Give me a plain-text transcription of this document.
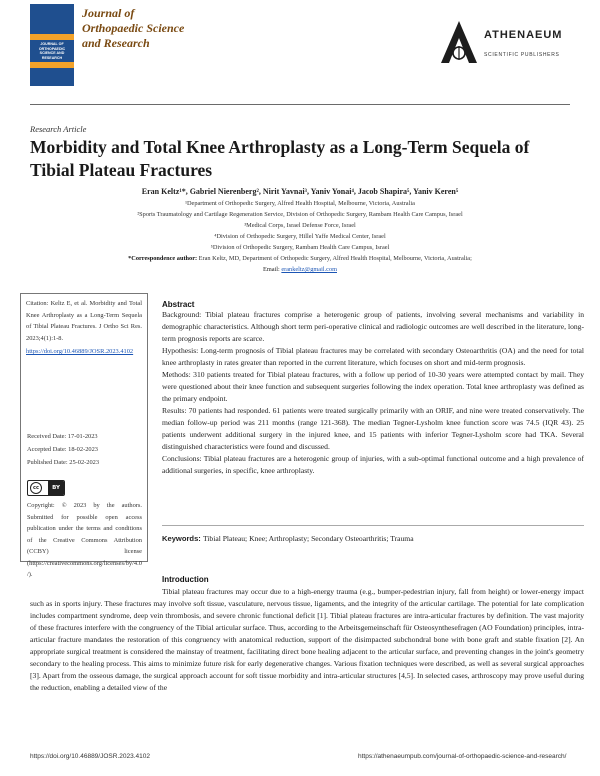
JOURNAL OF ORTHOPAEDIC SCIENCE AND RESEARCH
Journal of
Orthopaedic Science
and Research
ATHENAEUM
SCIENTIFIC PUBLISHERS
Research Article
Morbidity and Total Knee Arthroplasty as a Long-Term Sequela of Tibial Plateau Fractures
Eran Keltz¹*, Gabriel Nierenberg², Nirit Yavnai³, Yaniv Yonai⁴, Jacob Shapira⁵, Yaniv Keren⁵
¹Department of Orthopedic Surgery, Alfred Health Hospital, Melbourne, Victoria, Australia
²Sports Traumatology and Cartilage Regeneration Service, Division of Orthopedic Surgery, Rambam Health Care Campus, Israel
³Medical Corps, Israel Defense Force, Israel
⁴Division of Orthopedic Surgery, Hillel Yaffe Medical Center, Israel
⁵Division of Orthopedic Surgery, Rambam Health Care Campus, Israel
*Correspondence author: Eran Keltz, MD, Department of Orthopedic Surgery, Alfred Health Hospital, Melbourne, Victoria, Australia;
Email: erankeltz@gmail.com
Citation: Keltz E, et al. Morbidity and Total Knee Arthroplasty as a Long-Term Sequela of Tibial Plateau Fractures. J Ortho Sci Res. 2023;4(1):1-8.
https://doi.org/10.46889/JOSR.2023.4102
Received Date: 17-01-2023
Accepted Date: 18-02-2023
Published Date: 25-02-2023
cc	BY
Copyright: © 2023 by the authors. Submitted for possible open access publication under the terms and conditions of the Creative Commons Attribution (CCBY) license (https://creativecommons.org/licenses/by/4.0/).
Abstract

Background: Tibial plateau fractures comprise a heterogenic group of patients, involving several mechanisms and variability in demographic characteristics. Although short term peri-operative clinical and radiologic outcomes are well described in the literature, long-term prognosis reports are scarce.

Hypothesis: Long-term prognosis of Tibial plateau fractures may be correlated with secondary Osteoarthritis (OA) and the need for total knee arthroplasty in rates greater than reported in the current literature, which focuses on short and mid-term prognosis.

Methods: 310 patients treated for Tibial plateau fractures, with a follow up period of 10-30 years were attempted contact by mail. They were questioned about their knee function and subsequent surgeries following the index operation. Total knee arthroplasty was defined as the primary endpoint.

Results: 70 patients had responded. 61 patients were treated surgically primarily with an ORIF, and nine were treated conservatively. The median follow-up period was 211 months (range 121-368). The median Tegner-Lysholm knee function score was 74.5 (IQR 43). 25 patients underwent additional surgery in the injured knee, and 15 patients with inferior Tegner-Lysholm score had TKA. Several distinguished characteristics were found and discussed.

Conclusions: Tibial plateau fractures are a heterogenic group of injuries, with a sub-optimal functional outcome and a high prevalence of additional surgeries, in specific, knee arthroplasty.

Keywords: Tibial Plateau; Knee; Arthroplasty; Secondary Osteoarthritis; Trauma
Introduction

Tibial plateau fractures may occur due to a high-energy trauma (e.g., bumper-pedestrian injury, fall from height) or lower-energy impact such as in sports injury. These fractures may involve soft tissue, vasculature, nervous tissue, ligaments, and the integrity of the articular cartilage. The potential for late complication includes compartment syndrome, deep vein thrombosis, and severe chronic functional deficit [1]. Tibial plateau fractures are intra-articular fractures by definition. The vast majority of these fractures interfere with the congruency of the Tibial articular surface. Thus, according to the Arbeitsgemeinschaft für Osteosynthesefragen (AO Foundation) principles, intra-articular fracture mandates the restoration of this congruency with anatomical reduction, support of the disimpacted subchondral bone with bone graft and stable fixation [2]. An appropriate surgical treatment is considered the mainstay of treatment, facilitating direct bone healing adjacent to the articular surface, and preventing changes in the joint's geometry secondary to the healing process. This aims to minimize future risk for early degenerative changes. Various fixation techniques were described, as well as several surgical approaches [3]. Apart from the osseous damage, the surgical approach account for soft tissue morbidity and intra-articular structures [4,5]. In selected cases, arthroscopy may prove useful during the reduction, enabling a detailed view of the

https://doi.org/10.46889/JOSR.2023.4102	https://athenaeumpub.com/journal-of-orthopaedic-science-and-research/
